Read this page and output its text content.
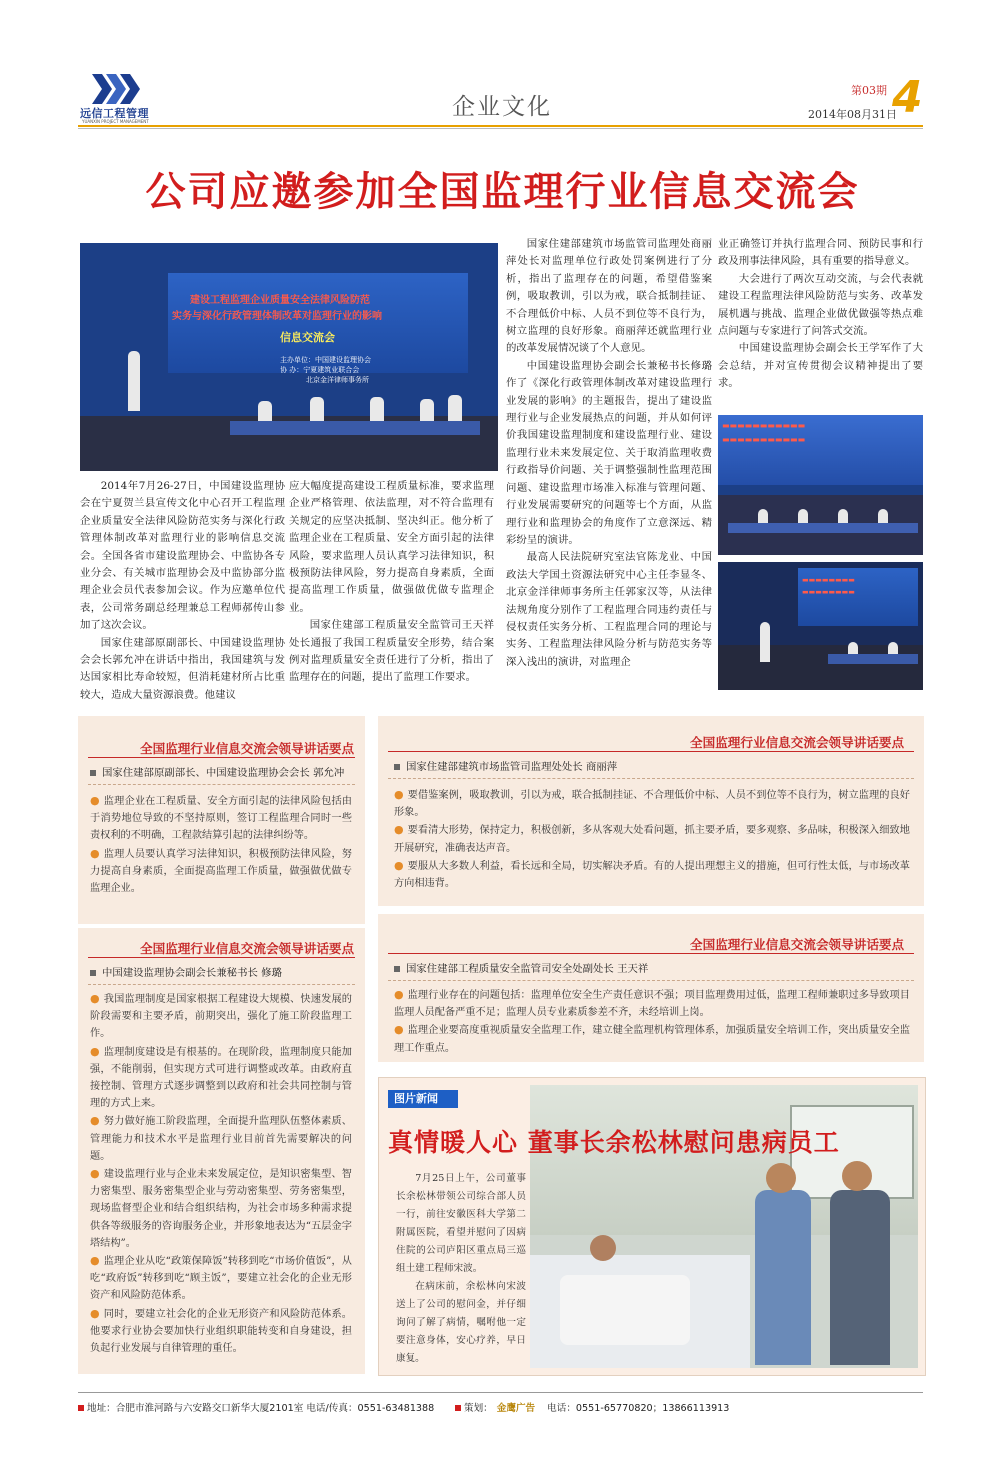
远信工程管理
YUANXIN PROJECT MANAGEMENT
企业文化
第03期
2014年08月31日
4
公司应邀参加全国监理行业信息交流会
建设工程监理企业质量安全法律风险防范
实务与深化行政管理体制改革对监理行业的影响
信息交流会
主办单位：中国建设监理协会
协 办：宁夏建筑业联合会
北京金洋律师事务所
▬▬▬▬▬▬▬▬▬▬▬
▬▬▬▬▬▬▬▬▬▬▬
▬▬▬▬▬▬▬▬
▬▬▬▬▬▬▬▬

2014年7月26-27日，中国建设监理协会在宁夏贺兰县宣传文化中心召开工程监理企业质量安全法律风险防范实务与深化行政管理体制改革对监理行业的影响信息交流会。全国各省市建设监理协会、中监协各专业分会、有关城市监理协会及中监协部分监理企业会员代表参加会议。作为应邀单位代表，公司常务副总经理兼总工程师郝传山参加了这次会议。

国家住建部原副部长、中国建设监理协会会长郭允冲在讲话中指出，我国建筑与发达国家相比寿命较短，但消耗建材所占比重较大，造成大量资源浪费。他建议

应大幅度提高建设工程质量标准，要求监理企业严格管理、依法监理，对不符合监理有关规定的应坚决抵制、坚决纠正。他分析了监理企业在工程质量、安全方面引起的法律风险，要求监理人员认真学习法律知识，积极预防法律风险，努力提高自身素质，全面提高监理工作质量，做强做优做专监理企业。

国家住建部工程质量安全监管司王天祥处长通报了我国工程质量安全形势，结合案例对监理质量安全责任进行了分析，指出了监理存在的问题，提出了监理工作要求。

国家住建部建筑市场监管司监理处商丽萍处长对监理单位行政处罚案例进行了分析，指出了监理存在的问题，希望借鉴案例，吸取教训，引以为戒，联合抵制挂证、不合理低价中标、人员不到位等不良行为，树立监理的良好形象。商丽萍还就监理行业的改革发展情况谈了个人意见。

中国建设监理协会副会长兼秘书长修璐作了《深化行政管理体制改革对建设监理行业发展的影响》的主题报告，提出了建设监理行业与企业发展热点的问题，并从如何评价我国建设监理制度和建设监理行业、建设监理行业未来发展定位、关于取消监理收费行政指导价问题、关于调整强制性监理范围问题、建设监理市场准入标准与管理问题、行业发展需要研究的问题等七个方面，从监理行业和监理协会的角度作了立意深远、精彩纷呈的演讲。

最高人民法院研究室法官陈龙业、中国政法大学国土资源法研究中心主任李显冬、北京金洋律师事务所主任郭家汉等，从法律法规角度分别作了工程监理合同违约责任与侵权责任实务分析、工程监理合同的理论与实务、工程监理法律风险分析与防范实务等深入浅出的演讲，对监理企

业正确签订并执行监理合同、预防民事和行政及刑事法律风险，具有重要的指导意义。

大会进行了两次互动交流，与会代表就建设工程监理法律风险防范与实务、改革发展机遇与挑战、监理企业做优做强等热点难点问题与专家进行了问答式交流。

中国建设监理协会副会长王学军作了大会总结，并对宣传贯彻会议精神提出了要求。

全国监理行业信息交流会领导讲话要点
国家住建部原副部长、中国建设监理协会会长 郭允冲

● 监理企业在工程质量、安全方面引起的法律风险包括由于消势地位导致的不坚持原则，签订工程监理合同时一些责权利的不明确，工程款结算引起的法律纠纷等。

● 监理人员要认真学习法律知识，积极预防法律风险，努力提高自身素质，全面提高监理工作质量，做强做优做专监理企业。

全国监理行业信息交流会领导讲话要点
中国建设监理协会副会长兼秘书长 修璐

● 我国监理制度是国家根据工程建设大规模、快速发展的阶段需要和主要矛盾，前期突出，强化了施工阶段监理工作。

● 监理制度建设是有根基的。在现阶段，监理制度只能加强，不能削弱，但实现方式可进行调整或改革。由政府直接控制、管理方式逐步调整到以政府和社会共同控制与管理的方式上来。

● 努力做好施工阶段监理，全面提升监理队伍整体素质、管理能力和技术水平是监理行业目前首先需要解决的问题。

● 建设监理行业与企业未来发展定位，是知识密集型、智力密集型、服务密集型企业与劳动密集型、劳务密集型，现场监督型企业和结合组织结构，为社会市场多种需求提供各等级服务的咨询服务企业，并形象地表达为“五层金字塔结构”。

● 监理企业从吃“政策保障饭”转移到吃“市场价值饭”，从吃“政府饭”转移到吃“顾主饭”，要建立社会化的企业无形资产和风险防范体系。

● 同时，要建立社会化的企业无形资产和风险防范体系。他要求行业协会要加快行业组织职能转变和自身建设，担负起行业发展与自律管理的重任。

全国监理行业信息交流会领导讲话要点
国家住建部建筑市场监管司监理处处长 商丽萍

● 要借鉴案例，吸取教训，引以为戒，联合抵制挂证、不合理低价中标、人员不到位等不良行为，树立监理的良好形象。

● 要看清大形势，保持定力，积极创新，多从客观大处看问题，抓主要矛盾，要多观察、多品味，积极深入细致地开展研究，准确表达声音。

● 要服从大多数人利益，看长远和全局，切实解决矛盾。有的人提出理想主义的措施，但可行性太低，与市场改革方向相违背。

全国监理行业信息交流会领导讲话要点
国家住建部工程质量安全监管司安全处副处长 王天祥

● 监理行业存在的问题包括：监理单位安全生产责任意识不强；项目监理费用过低，监理工程师兼职过多导致项目监理人员配备严重不足；监理人员专业素质参差不齐，未经培训上岗。

● 监理企业要高度重视质量安全监理工作，建立健全监理机构管理体系，加强质量安全培训工作，突出质量安全监理工作重点。

图片新闻
真情暖人心 董事长余松林慰问患病员工

7月25日上午，公司董事长余松林带领公司综合部人员一行，前往安徽医科大学第二附属医院，看望并慰问了因病住院的公司庐阳区重点局三巡组土建工程师宋波。

在病床前，余松林向宋波送上了公司的慰问金，并仔细询问了解了病情，嘱咐他一定要注意身体，安心疗养，早日康复。

地址：合肥市淮河路与六安路交口新华大厦2101室 电话/传真：0551-63481388	策划： 金鹰广告 电话：0551-65770820；13866113913
